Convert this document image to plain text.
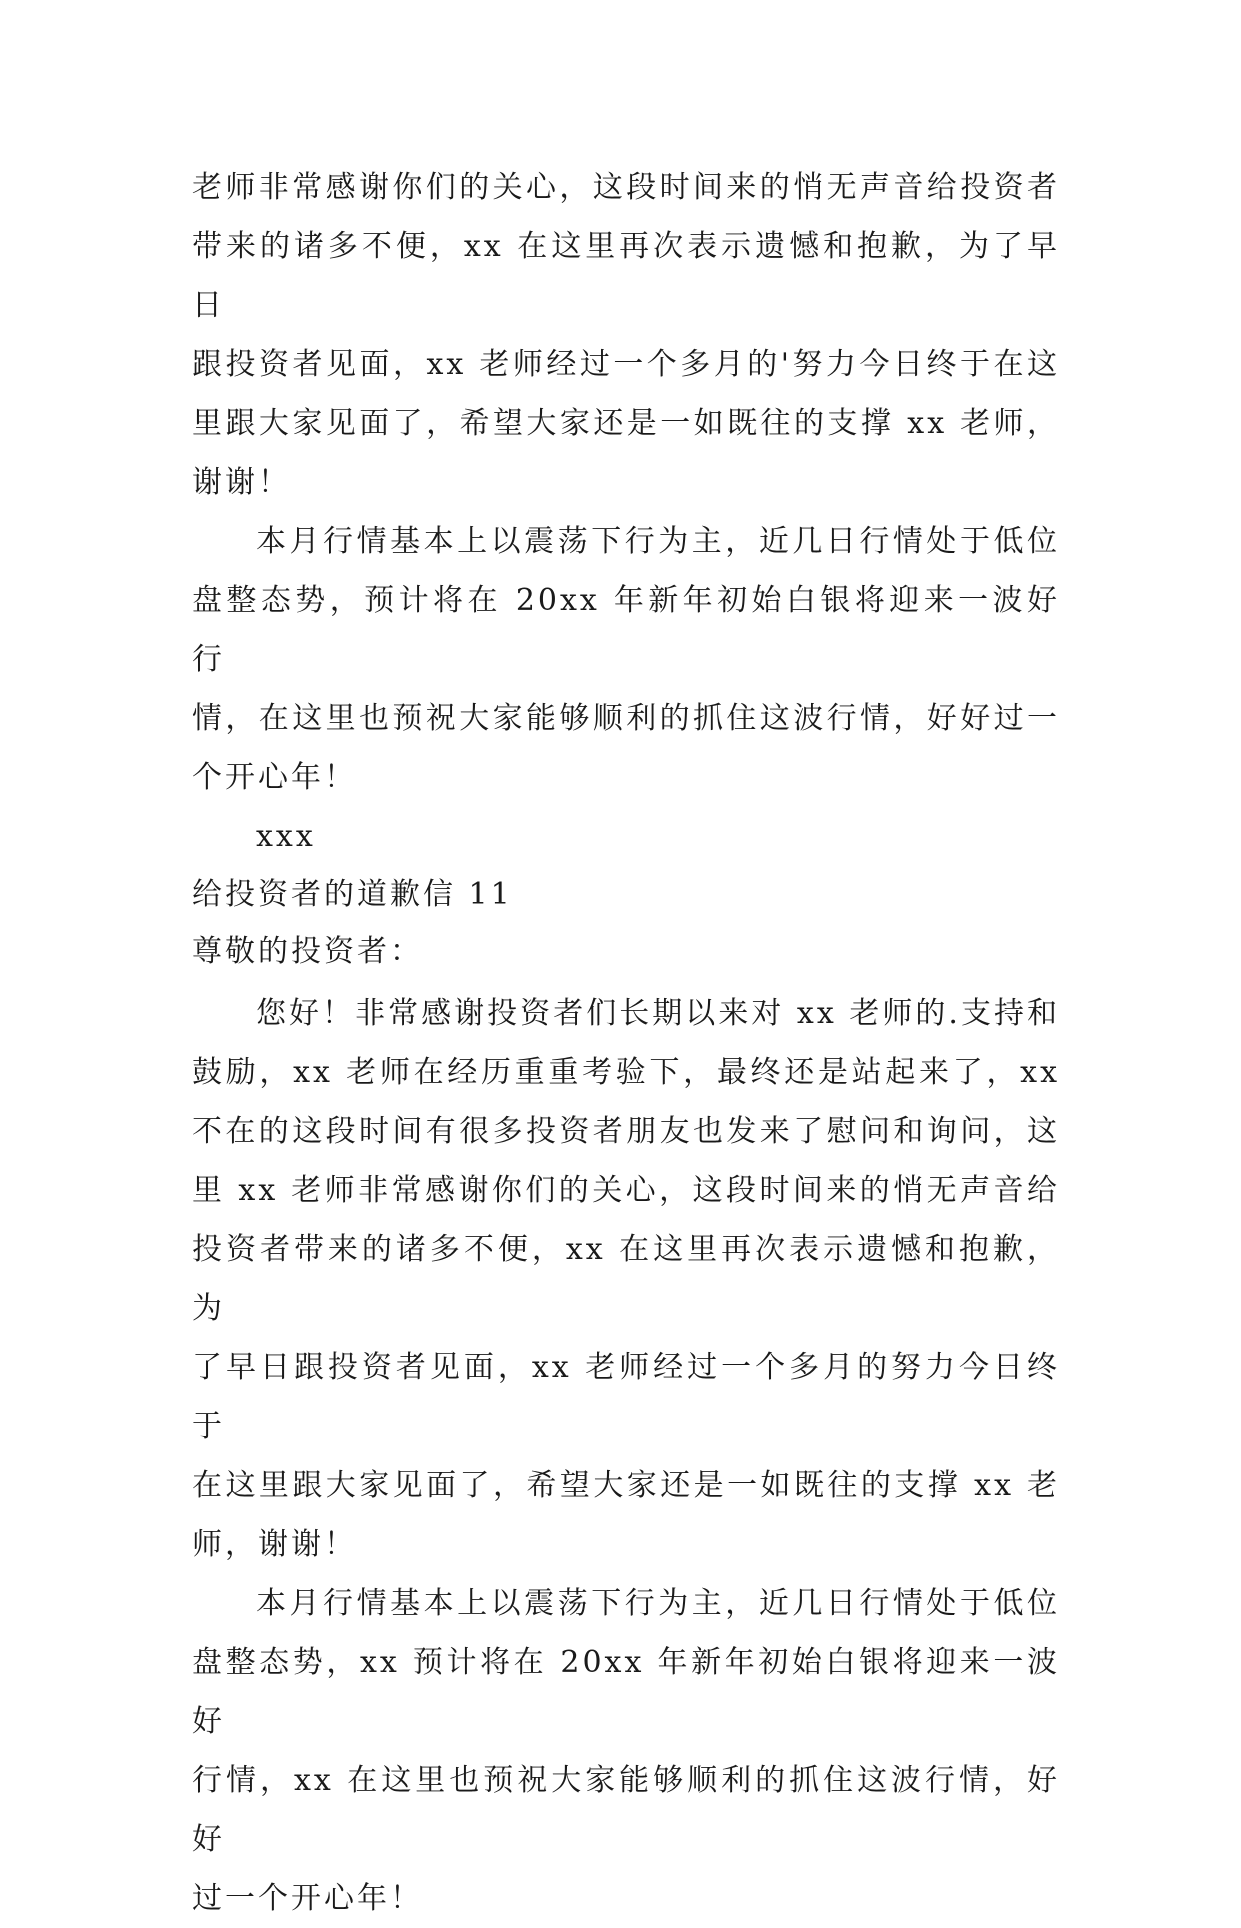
老师非常感谢你们的关心，这段时间来的悄无声音给投资者
带来的诸多不便，xx 在这里再次表示遗憾和抱歉，为了早日
跟投资者见面，xx 老师经过一个多月的'努力今日终于在这
里跟大家见面了，希望大家还是一如既往的支撑 xx 老师，
谢谢！
本月行情基本上以震荡下行为主，近几日行情处于低位
盘整态势，预计将在 20xx 年新年初始白银将迎来一波好行
情，在这里也预祝大家能够顺利的抓住这波行情，好好过一
个开心年！
xxx
给投资者的道歉信 11
尊敬的投资者：
您好！非常感谢投资者们长期以来对 xx 老师的.支持和
鼓励，xx 老师在经历重重考验下，最终还是站起来了，xx
不在的这段时间有很多投资者朋友也发来了慰问和询问，这
里 xx 老师非常感谢你们的关心，这段时间来的悄无声音给
投资者带来的诸多不便，xx 在这里再次表示遗憾和抱歉，为
了早日跟投资者见面，xx 老师经过一个多月的努力今日终于
在这里跟大家见面了，希望大家还是一如既往的支撑 xx 老
师，谢谢！
本月行情基本上以震荡下行为主，近几日行情处于低位
盘整态势，xx 预计将在 20xx 年新年初始白银将迎来一波好
行情，xx 在这里也预祝大家能够顺利的抓住这波行情，好好
过一个开心年！
